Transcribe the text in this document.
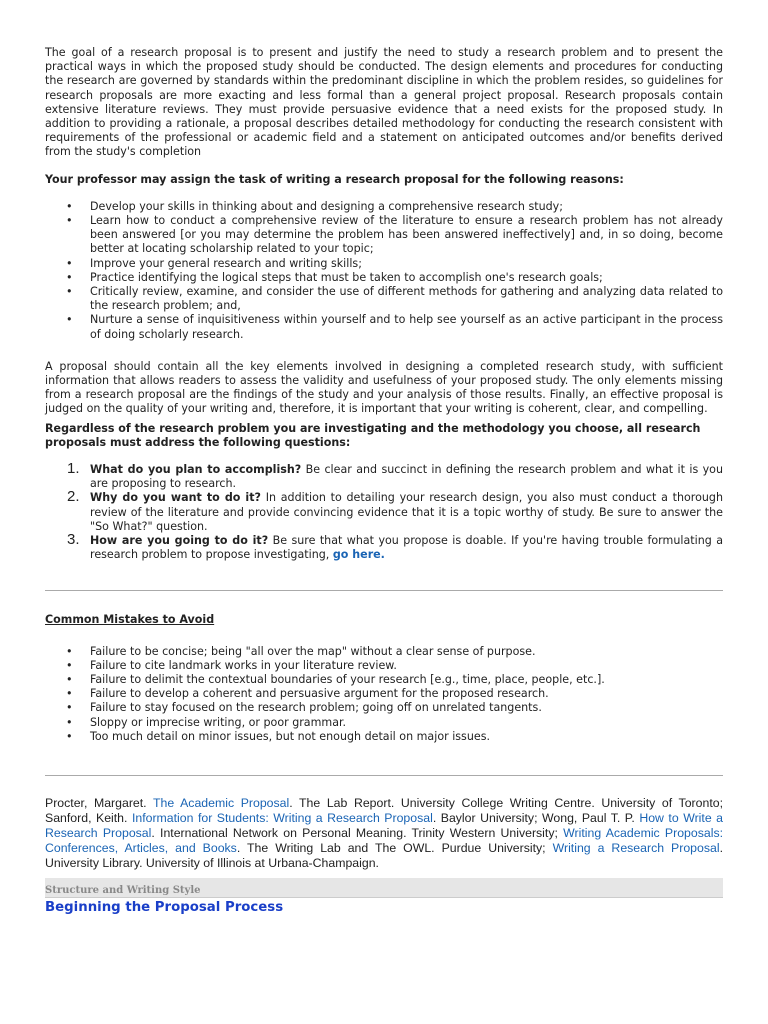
The goal of a research proposal is to present and justify the need to study a research problem and to present the practical ways in which the proposed study should be conducted. The design elements and procedures for conducting the research are governed by standards within the predominant discipline in which the problem resides, so guidelines for research proposals are more exacting and less formal than a general project proposal. Research proposals contain extensive literature reviews. They must provide persuasive evidence that a need exists for the proposed study. In addition to providing a rationale, a proposal describes detailed methodology for conducting the research consistent with requirements of the professional or academic field and a statement on anticipated outcomes and/or benefits derived from the study's completion

Your professor may assign the task of writing a research proposal for the following reasons:

• Develop your skills in thinking about and designing a comprehensive research study;
• Learn how to conduct a comprehensive review of the literature to ensure a research problem has not already been answered [or you may determine the problem has been answered ineffectively] and, in so doing, become better at locating scholarship related to your topic;
• Improve your general research and writing skills;
• Practice identifying the logical steps that must be taken to accomplish one's research goals;
• Critically review, examine, and consider the use of different methods for gathering and analyzing data related to the research problem; and,
• Nurture a sense of inquisitiveness within yourself and to help see yourself as an active participant in the process of doing scholarly research.

A proposal should contain all the key elements involved in designing a completed research study, with sufficient information that allows readers to assess the validity and usefulness of your proposed study. The only elements missing from a research proposal are the findings of the study and your analysis of those results. Finally, an effective proposal is judged on the quality of your writing and, therefore, it is important that your writing is coherent, clear, and compelling.

Regardless of the research problem you are investigating and the methodology you choose, all research proposals must address the following questions:

1. What do you plan to accomplish? Be clear and succinct in defining the research problem and what it is you are proposing to research.
2. Why do you want to do it? In addition to detailing your research design, you also must conduct a thorough review of the literature and provide convincing evidence that it is a topic worthy of study. Be sure to answer the "So What?" question.
3. How are you going to do it? Be sure that what you propose is doable. If you're having trouble formulating a research problem to propose investigating, go here.

Common Mistakes to Avoid

• Failure to be concise; being "all over the map" without a clear sense of purpose.
• Failure to cite landmark works in your literature review.
• Failure to delimit the contextual boundaries of your research [e.g., time, place, people, etc.].
• Failure to develop a coherent and persuasive argument for the proposed research.
• Failure to stay focused on the research problem; going off on unrelated tangents.
• Sloppy or imprecise writing, or poor grammar.
• Too much detail on minor issues, but not enough detail on major issues.

Procter, Margaret. The Academic Proposal. The Lab Report. University College Writing Centre. University of Toronto; Sanford, Keith. Information for Students: Writing a Research Proposal. Baylor University; Wong, Paul T. P. How to Write a Research Proposal. International Network on Personal Meaning. Trinity Western University; Writing Academic Proposals: Conferences, Articles, and Books. The Writing Lab and The OWL. Purdue University; Writing a Research Proposal. University Library. University of Illinois at Urbana-Champaign.

Structure and Writing Style

Beginning the Proposal Process
